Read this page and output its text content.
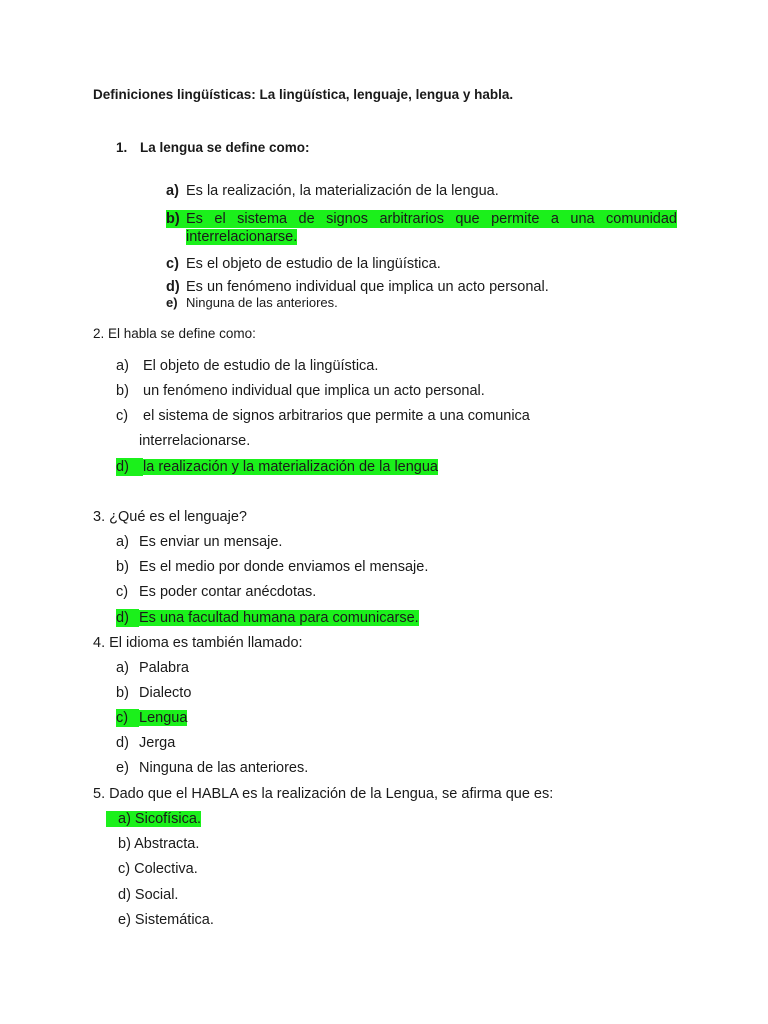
Definiciones lingüísticas: La lingüística, lenguaje, lengua y habla.
1. La lengua se define como:
a) Es la realización, la materialización de la lengua.
b) Es el sistema de signos arbitrarios que permite a una comunidad
interrelacionarse.
c) Es el objeto de estudio de la lingüística.
d) Es un fenómeno individual que implica un acto personal.
e) Ninguna de las anteriores.
2. El habla se define como:
a) El objeto de estudio de la lingüística.
b) un fenómeno individual que implica un acto personal.
c) el sistema de signos arbitrarios que permite a una comunica
interrelacionarse.
d) la realización y la materialización de la lengua
3. ¿Qué es el lenguaje?
a) Es enviar un mensaje.
b) Es el medio por donde enviamos el mensaje.
c) Es poder contar anécdotas.
d) Es una facultad humana para comunicarse.
4. El idioma es también llamado:
a) Palabra
b) Dialecto
c) Lengua
d) Jerga
e) Ninguna de las anteriores.
5. Dado que el HABLA es la realización de la Lengua, se afirma que es:
a) Sicofísica.
b) Abstracta.
c) Colectiva.
d) Social.
e) Sistemática.
